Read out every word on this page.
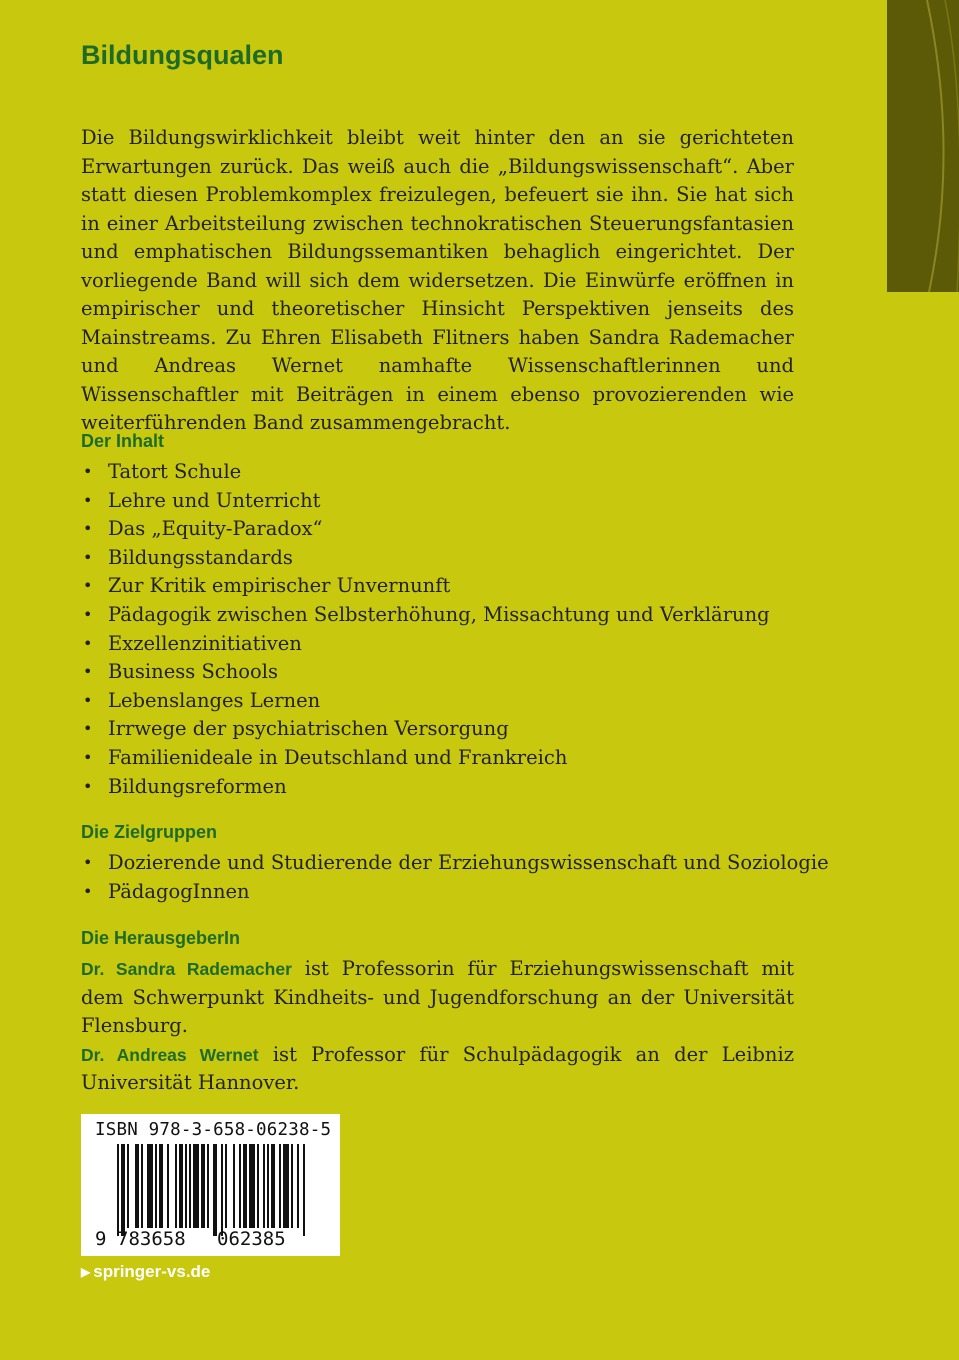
Bildungsqualen

Die Bildungswirklichkeit bleibt weit hinter den an sie gerichteten Erwartungen zurück. Das weiß auch die „Bildungswissenschaft“. Aber statt diesen Problemkomplex freizulegen, befeuert sie ihn. Sie hat sich in einer Arbeitsteilung zwischen technokratischen Steuerungsfantasien und emphatischen Bildungssemantiken behaglich eingerichtet. Der vorliegende Band will sich dem widersetzen. Die Einwürfe eröffnen in empirischer und theoretischer Hinsicht Perspektiven jenseits des Mainstreams. Zu Ehren Elisabeth Flitners haben Sandra Rademacher und Andreas Wernet namhafte Wissenschaftlerinnen und Wissenschaftler mit Beiträgen in einem ebenso provozierenden wie weiterführenden Band zusammengebracht.

Der Inhalt
• Tatort Schule
• Lehre und Unterricht
• Das „Equity-Paradox“
• Bildungsstandards
• Zur Kritik empirischer Unvernunft
• Pädagogik zwischen Selbsterhöhung, Missachtung und Verklärung
• Exzellenzinitiativen
• Business Schools
• Lebenslanges Lernen
• Irrwege der psychiatrischen Versorgung
• Familienideale in Deutschland und Frankreich
• Bildungsreformen
Die Zielgruppen
• Dozierende und Studierende der Erziehungswissenschaft und Soziologie
• PädagogInnen
Die HerausgeberIn

Dr. Sandra Rademacher ist Professorin für Erziehungswissenschaft mit dem Schwerpunkt Kindheits- und Jugendforschung an der Universität Flensburg.

Dr. Andreas Wernet ist Professor für Schulpädagogik an der Leibniz Universität Hannover.

ISBN 978-3-658-06238-5
783658 062385
9

▶ springer-vs.de
